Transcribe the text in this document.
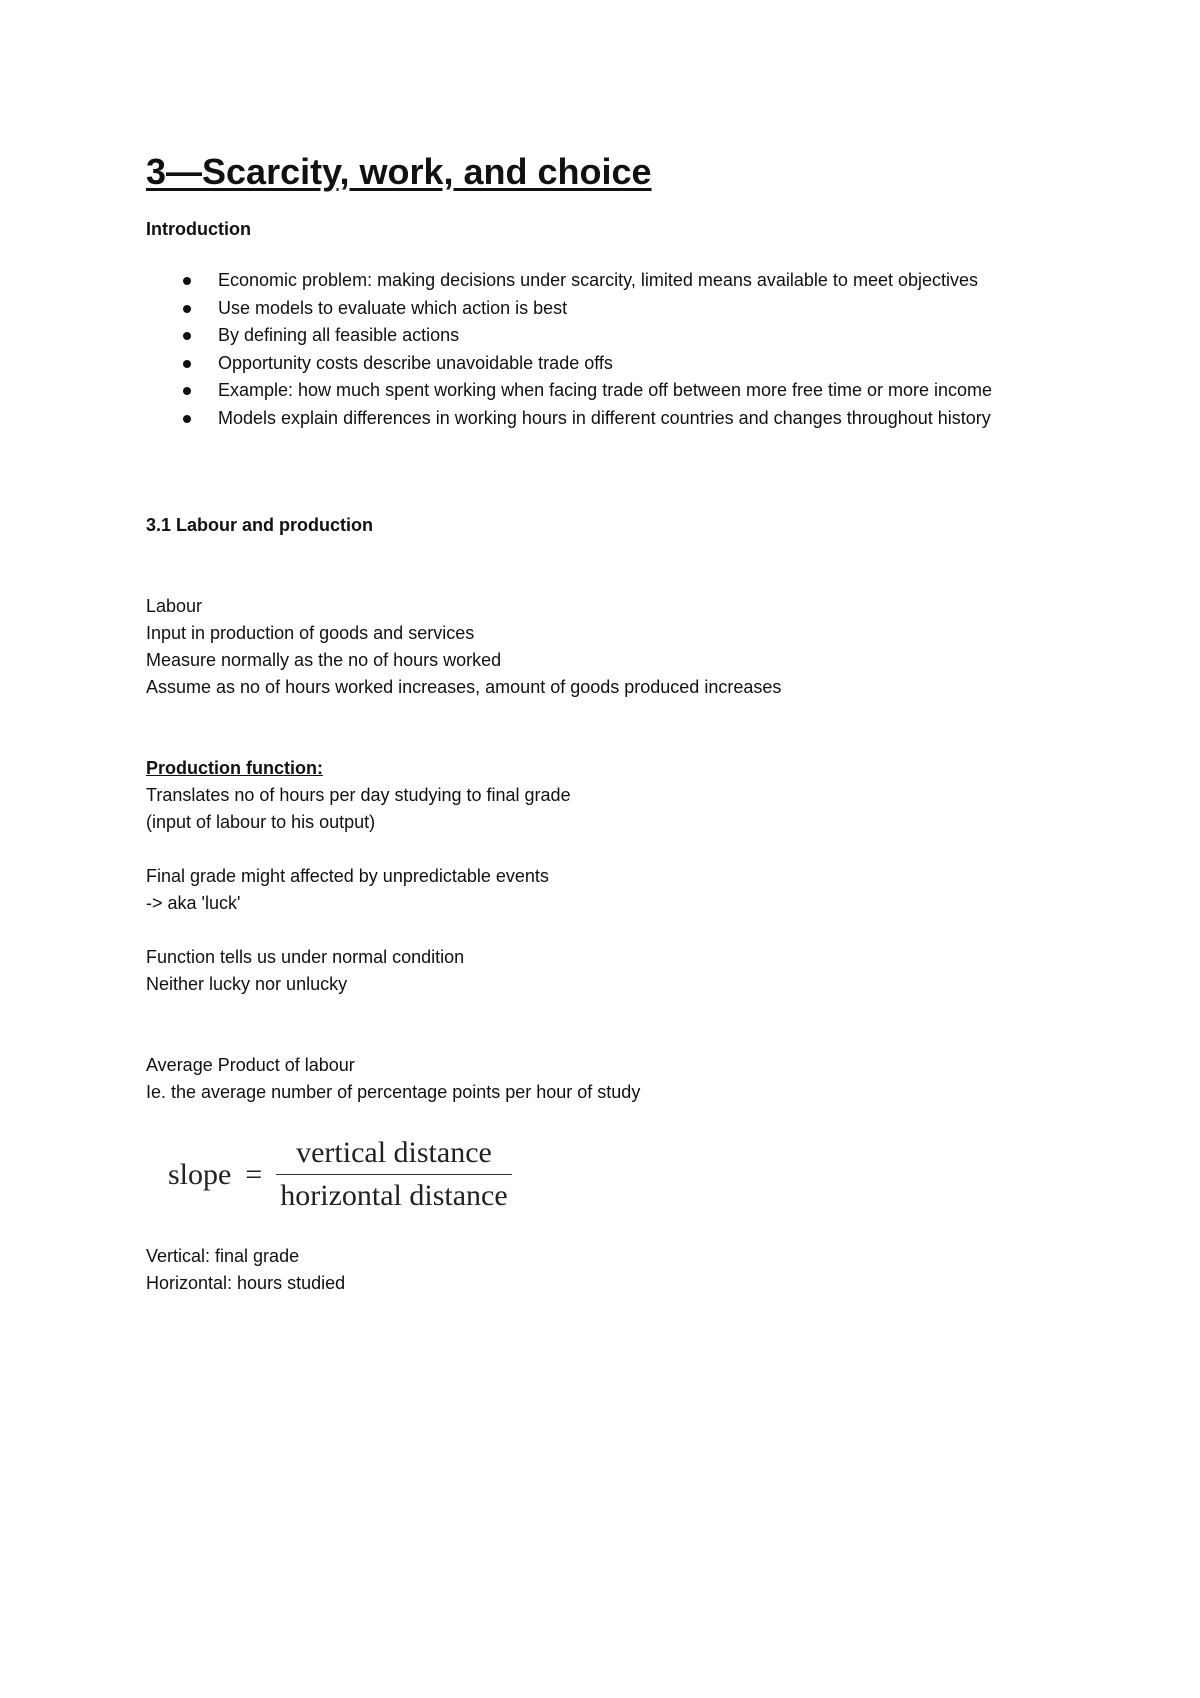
3—Scarcity, work, and choice
Introduction
Economic problem: making decisions under scarcity, limited means available to meet objectives
Use models to evaluate which action is best
By defining all feasible actions
Opportunity costs describe unavoidable trade offs
Example: how much spent working when facing trade off between more free time or more income
Models explain differences in working hours in different countries and changes throughout history
3.1 Labour and production
Labour
Input in production of goods and services
Measure normally as the no of hours worked
Assume as no of hours worked increases, amount of goods produced increases
Production function:
Translates no of hours per day studying to final grade
(input of labour to his output)
Final grade might affected by unpredictable events
-> aka 'luck'
Function tells us under normal condition
Neither lucky nor unlucky
Average Product of labour
Ie. the average number of percentage points per hour of study
slope = $\frac{\text{vertical distance}}{\text{horizontal distance}}$
Vertical: final grade
Horizontal: hours studied
